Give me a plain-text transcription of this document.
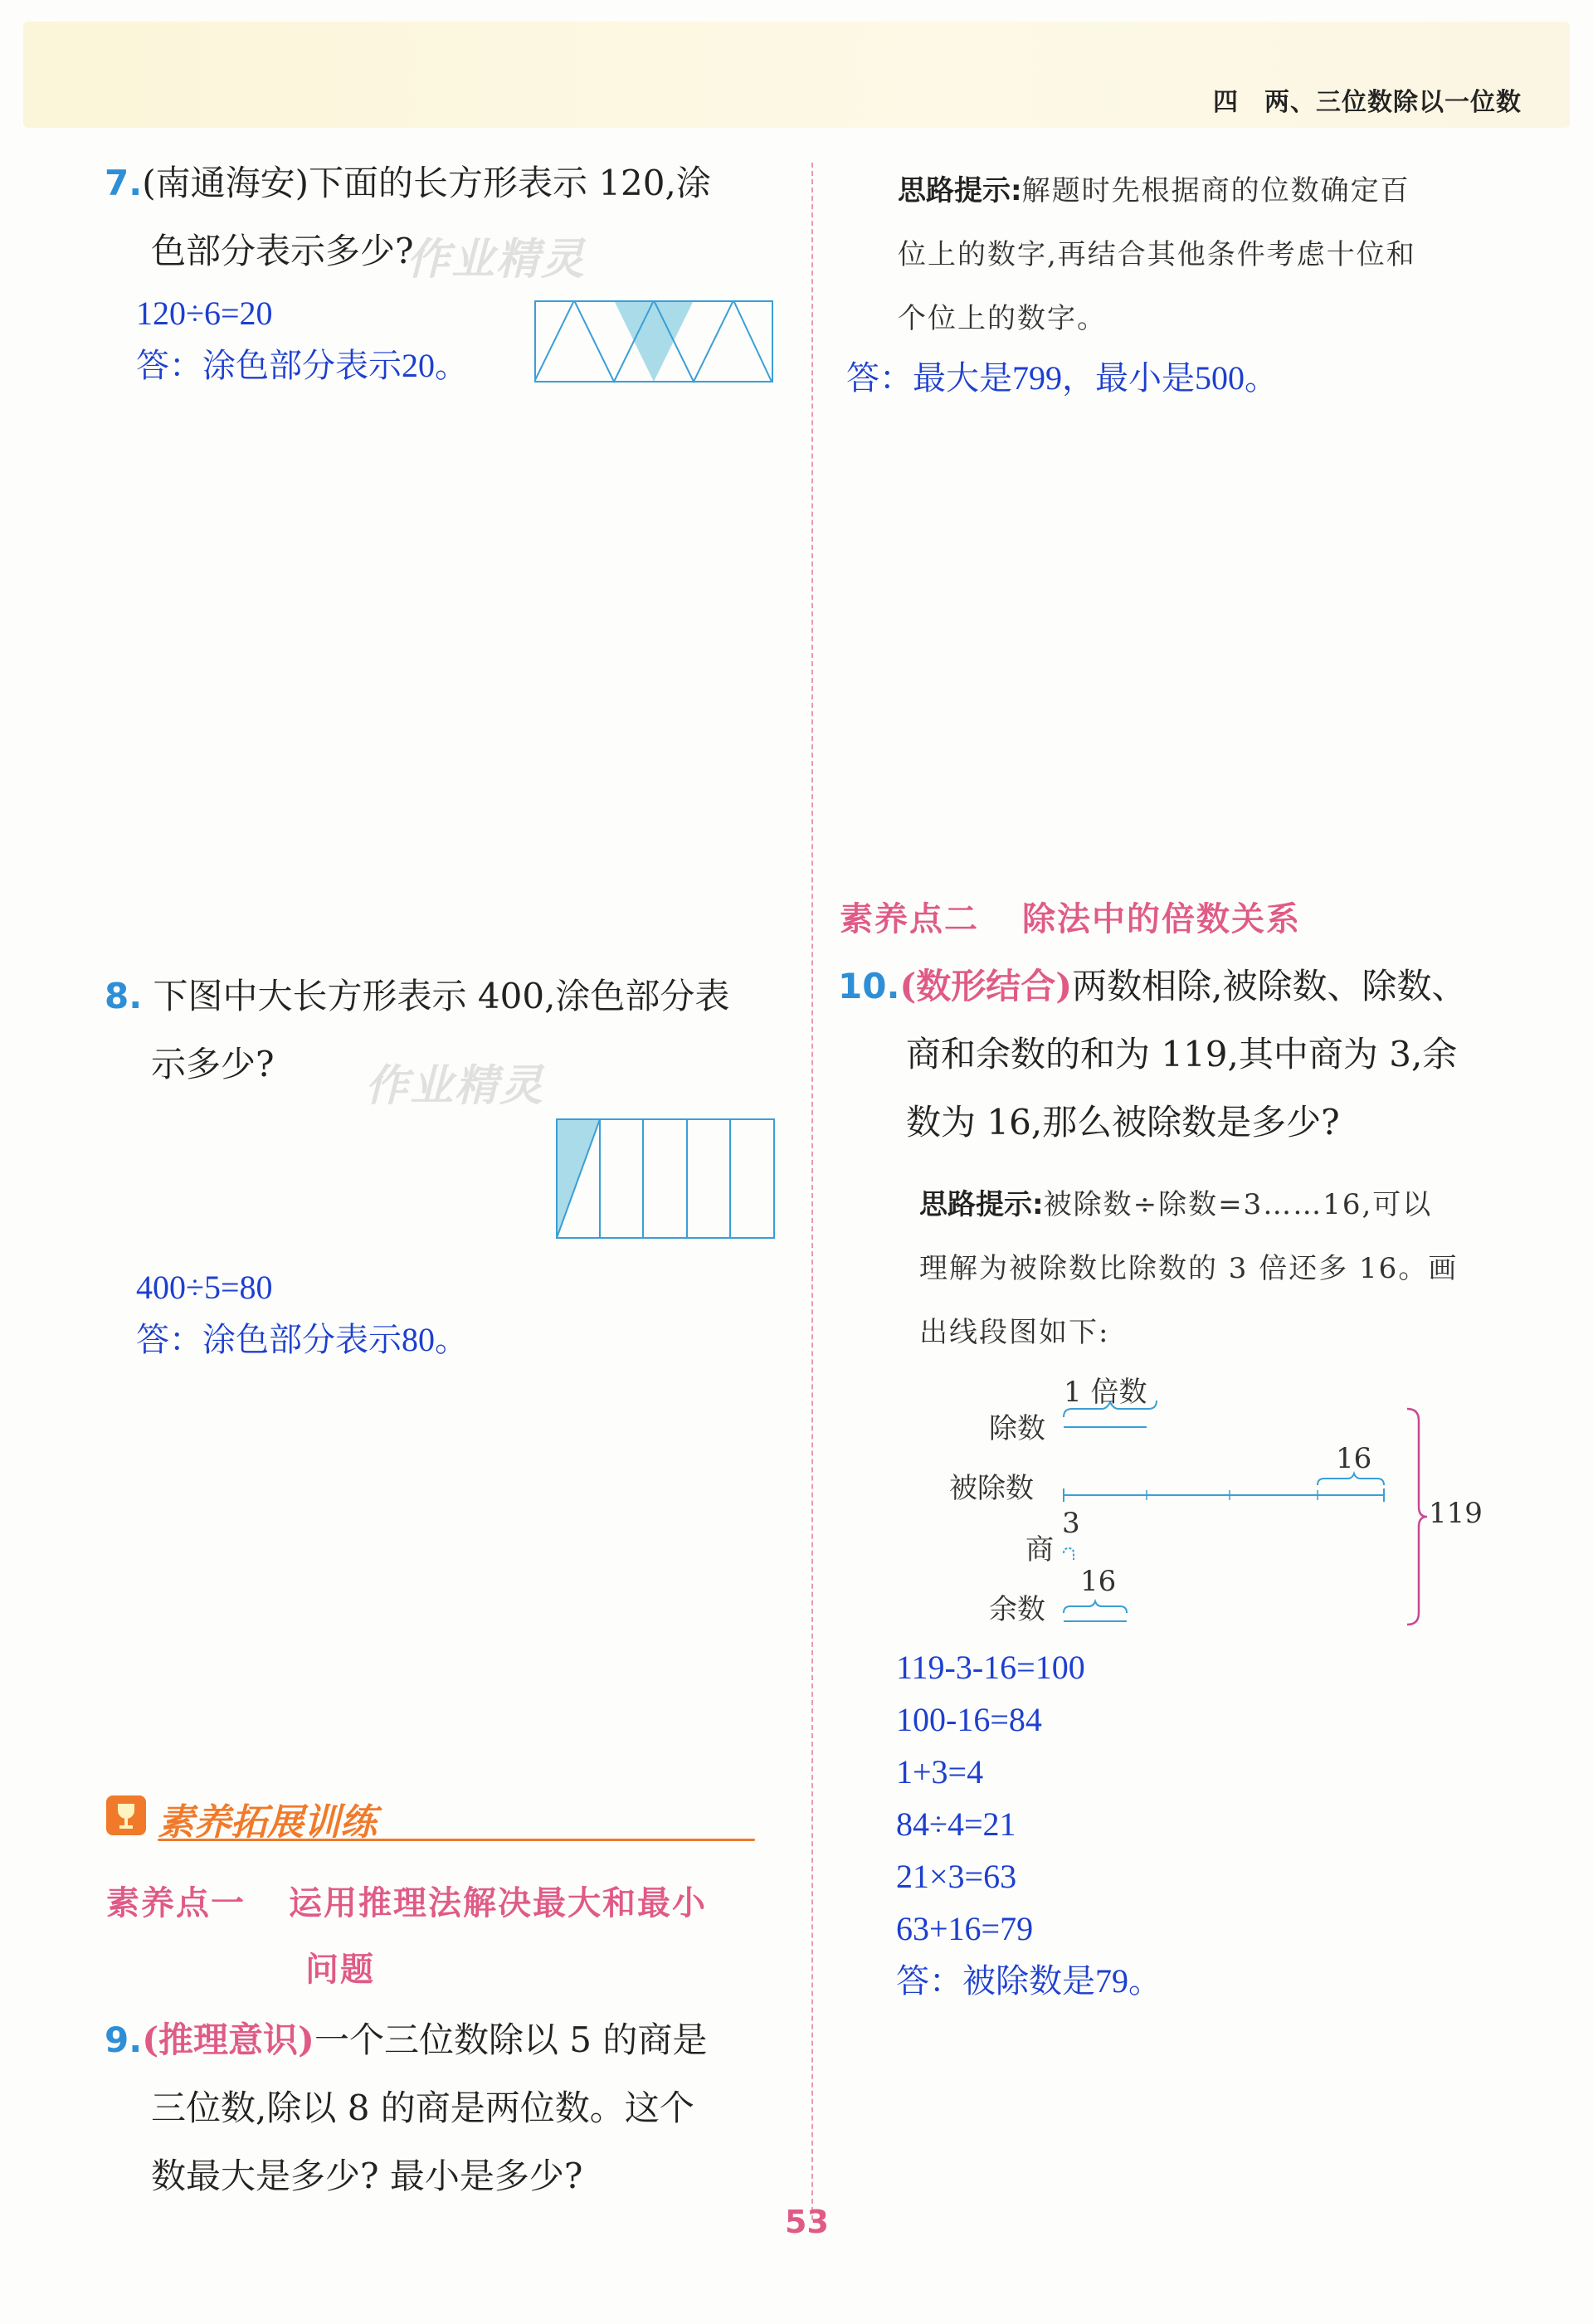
四　两、三位数除以一位数
7.(南通海安)下面的长方形表示 120,涂
色部分表示多少?
作业精灵
120÷6=20
答：涂色部分表示20。
8. 下图中大长方形表示 400,涂色部分表
示多少?	作业精灵
400÷5=80
答：涂色部分表示80。
素养拓展训练
素养点一 运用推理法解决最大和最小
问题
9.(推理意识)一个三位数除以 5 的商是
三位数,除以 8 的商是两位数。这个
数最大是多少? 最小是多少?
思路提示:解题时先根据商的位数确定百
位上的数字,再结合其他条件考虑十位和
个位上的数字。
答：最大是799，最小是500。
素养点二 除法中的倍数关系
10.(数形结合)两数相除,被除数、除数、
商和余数的和为 119,其中商为 3,余
数为 16,那么被除数是多少?
思路提示:被除数÷除数=3……16,可以
理解为被除数比除数的 3 倍还多 16。画
出线段图如下:
除数
被除数
商
余数
1 倍数
16
3
16
119
119-3-16=100
100-16=84
1+3=4
84÷4=21
21×3=63
63+16=79
答：被除数是79。
53
